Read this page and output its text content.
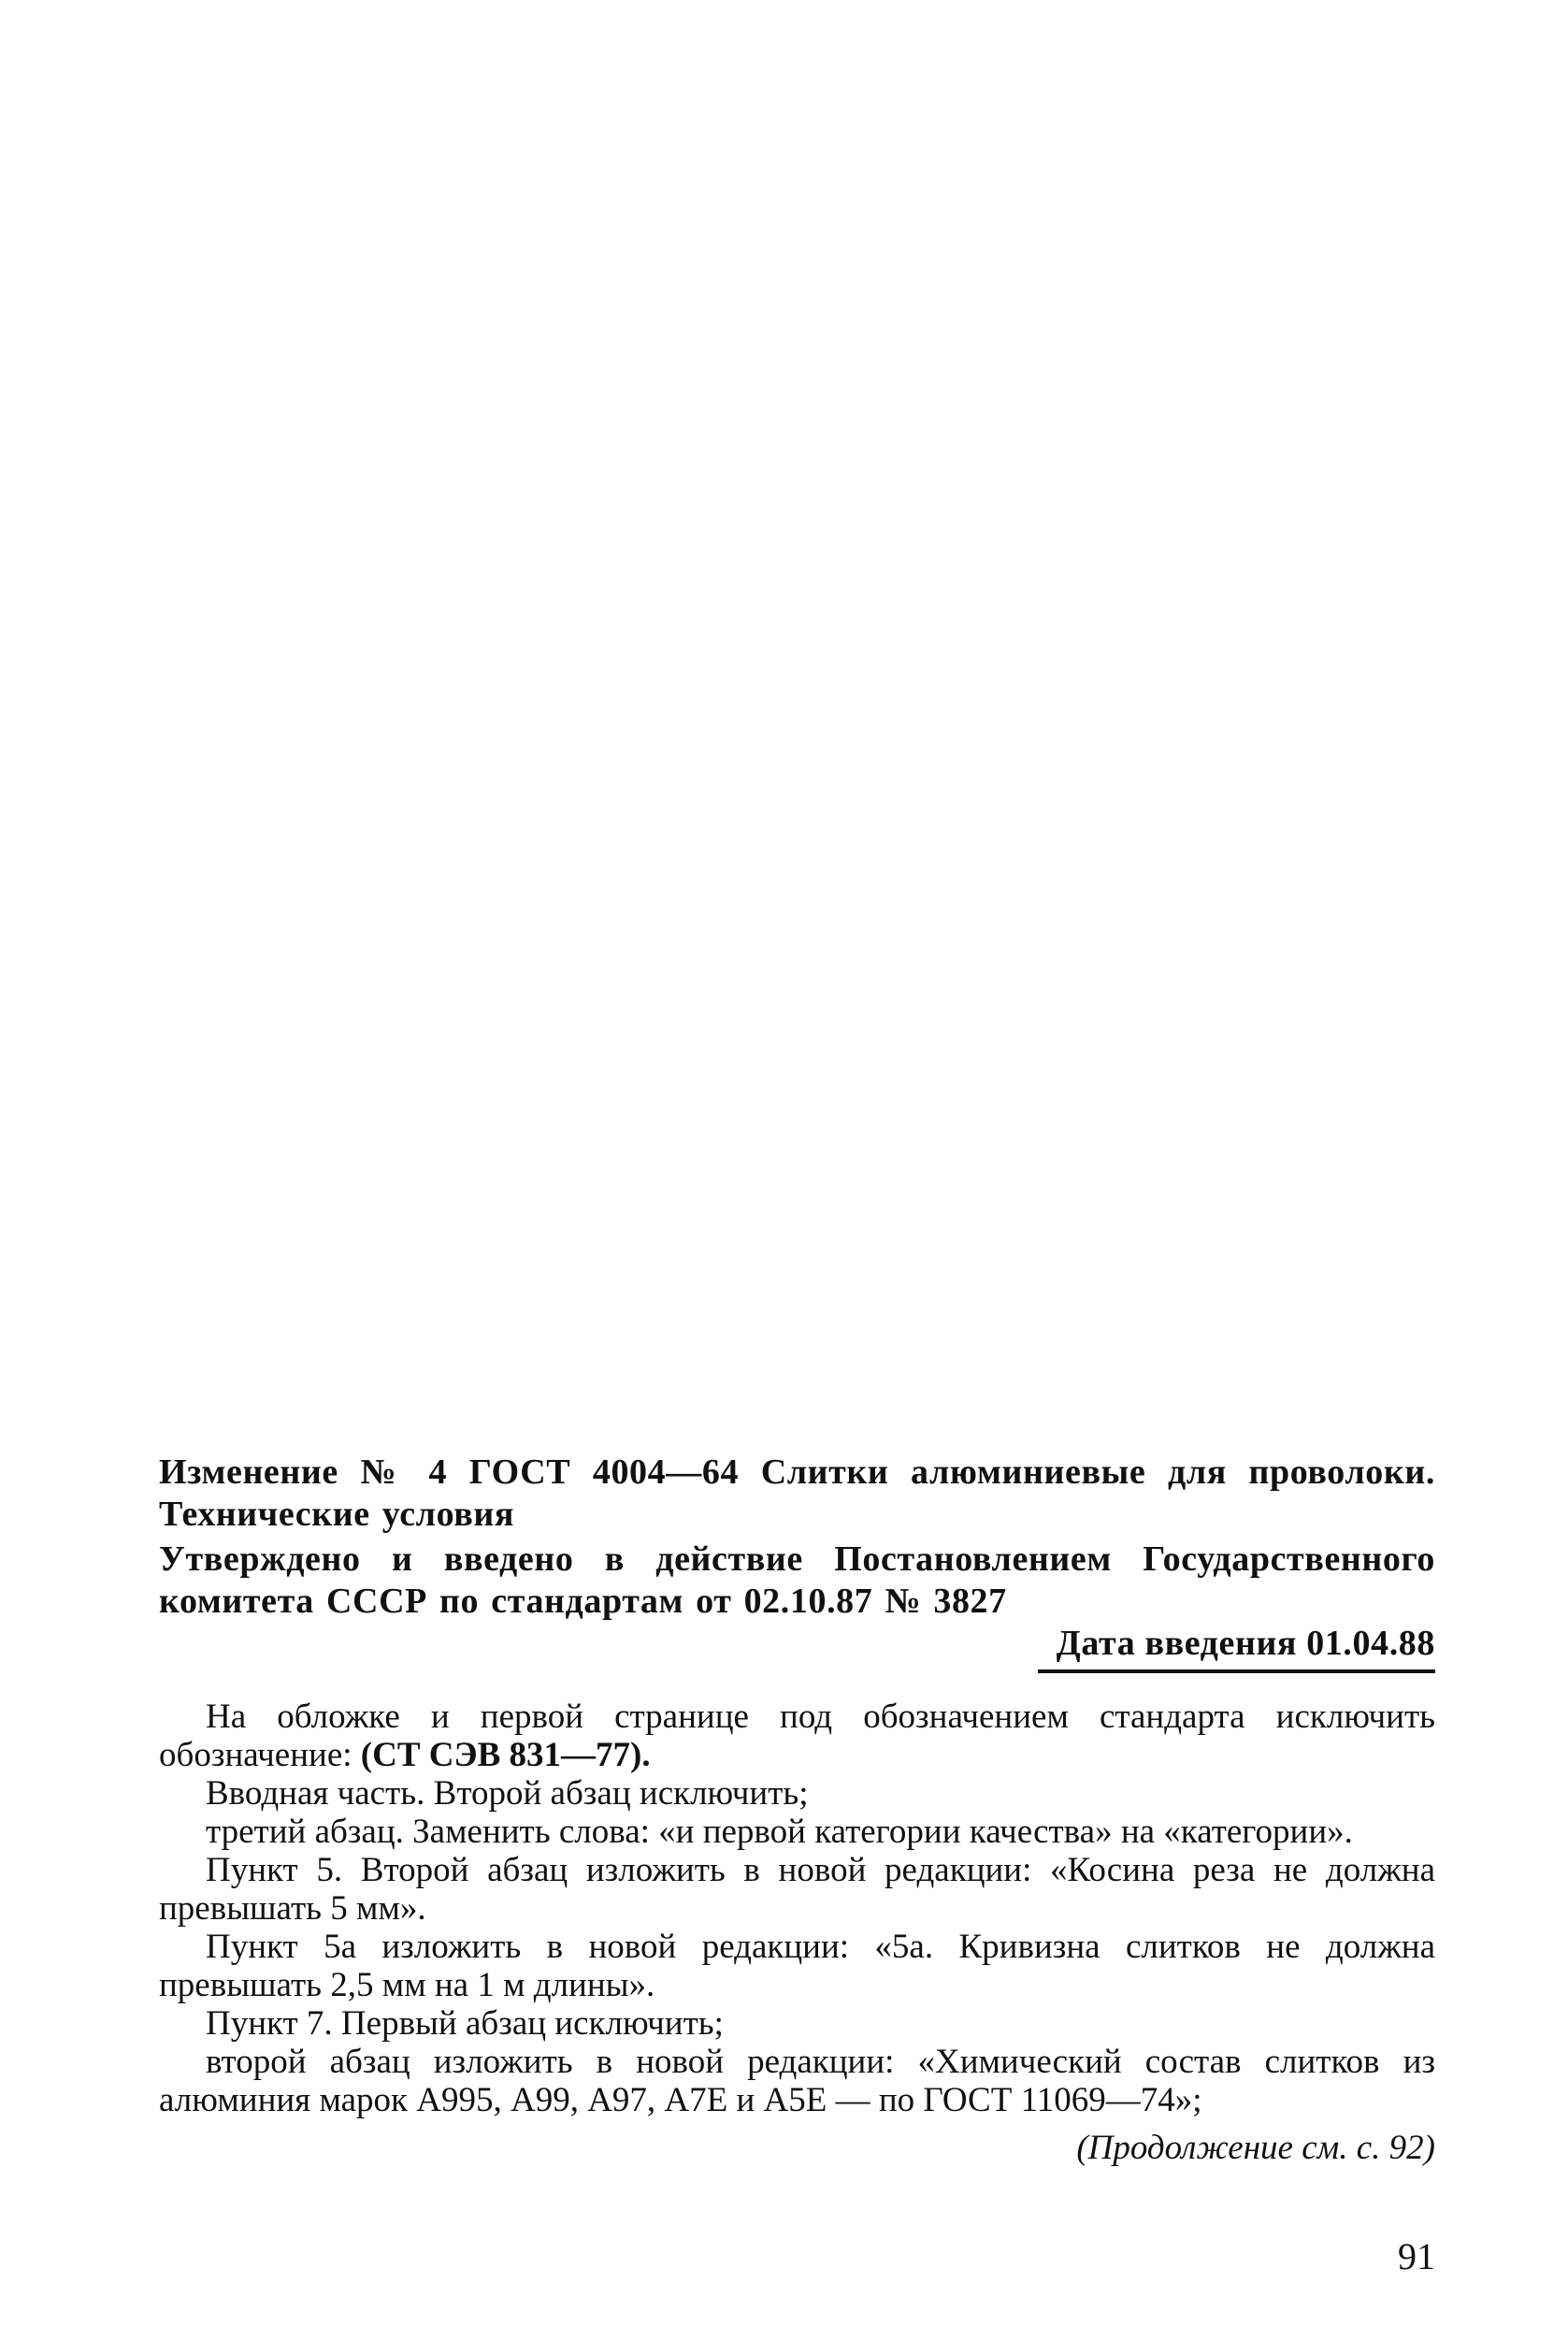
Изменение № 4 ГОСТ 4004—64 Слитки алюминиевые для проволоки. Технические условия
Утверждено и введено в действие Постановлением Государственного комитета СССР по стандартам от 02.10.87 № 3827
Дата введения 01.04.88

На обложке и первой странице под обозначением стандарта исключить обозначение: (СТ СЭВ 831—77).

Вводная часть. Второй абзац исключить;

третий абзац. Заменить слова: «и первой категории качества» на «категории».

Пункт 5. Второй абзац изложить в новой редакции: «Косина реза не должна превышать 5 мм».

Пункт 5а изложить в новой редакции: «5а. Кривизна слитков не должна превышать 2,5 мм на 1 м длины».

Пункт 7. Первый абзац исключить;

второй абзац изложить в новой редакции: «Химический состав слитков из алюминия марок А995, А99, А97, А7Е и А5Е — по ГОСТ 11069—74»;

(Продолжение см. с. 92)
91
